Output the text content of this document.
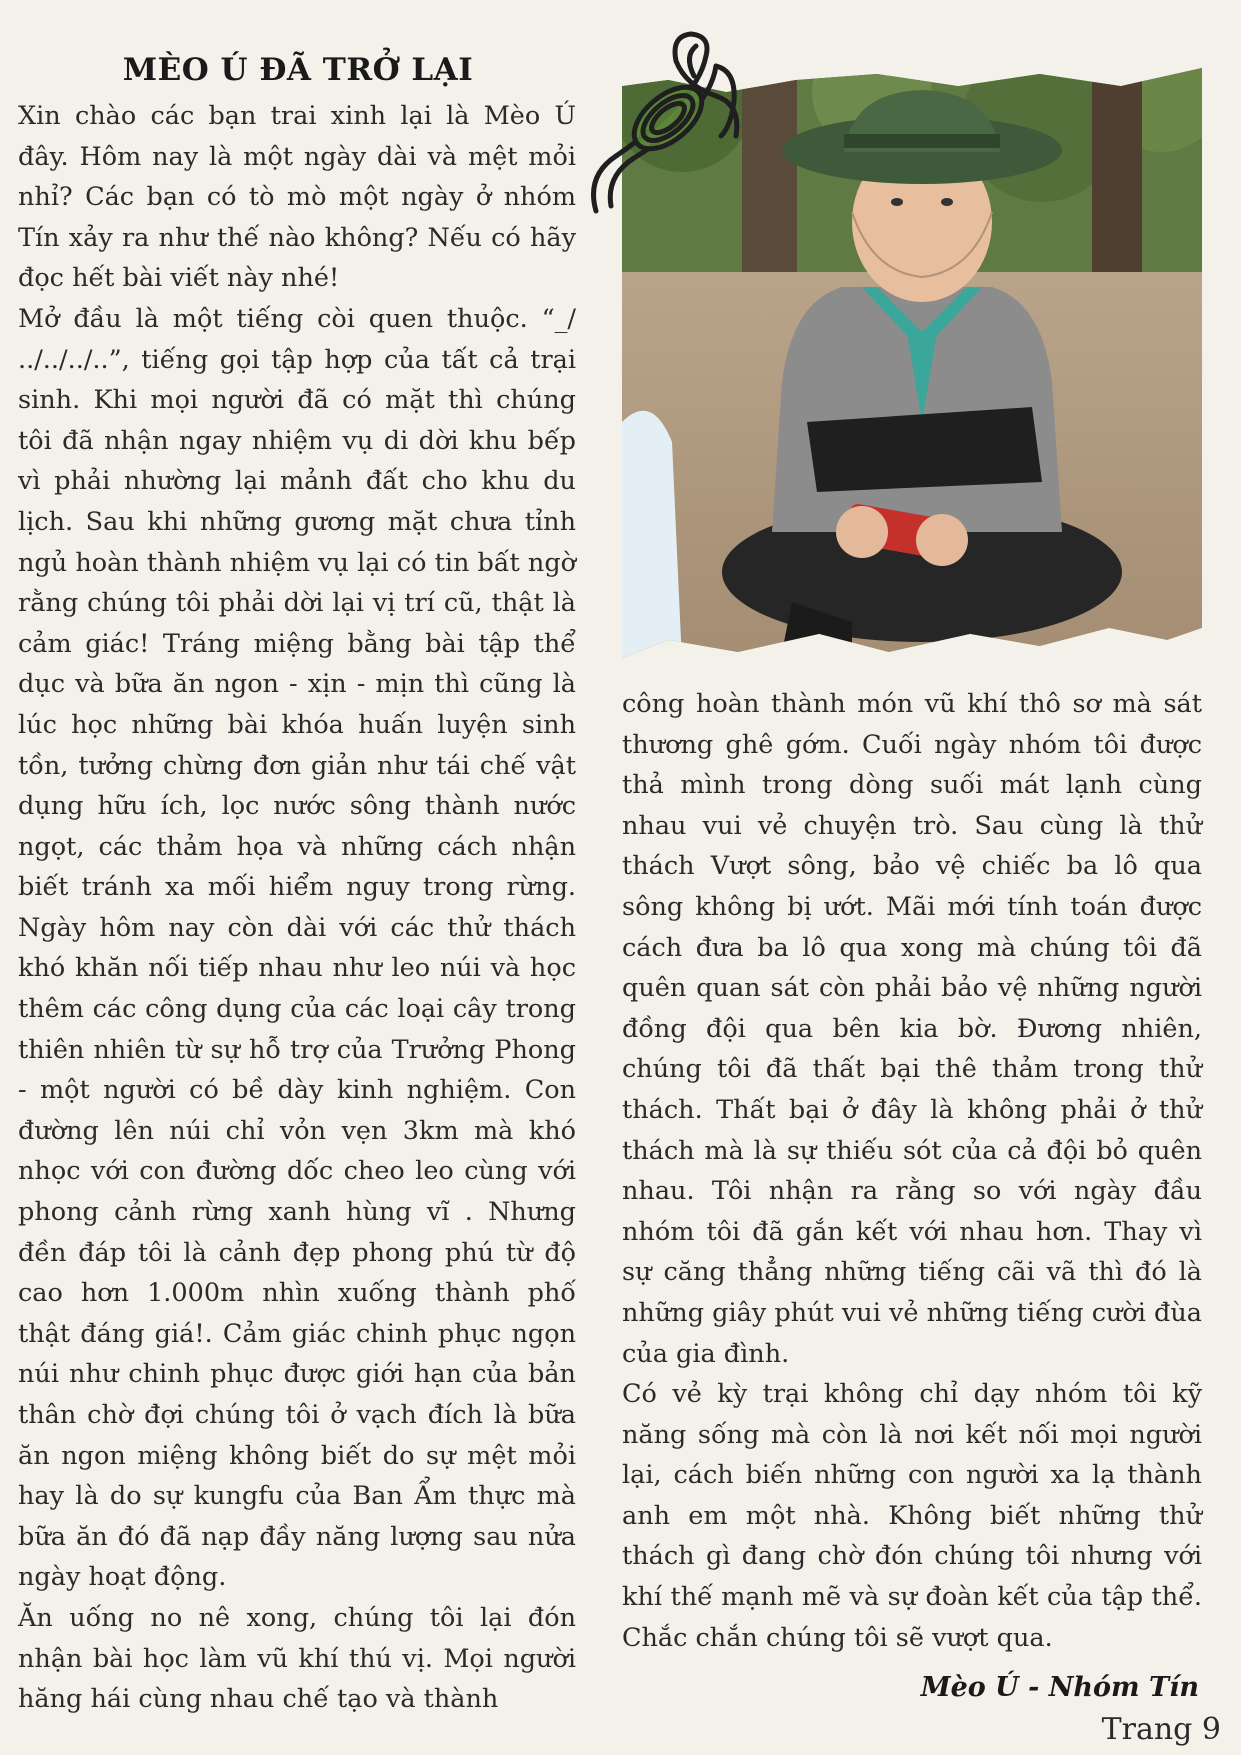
MÈO Ú ĐÃ TRỞ LẠI

Xin chào các bạn trai xinh lại là Mèo Ú đây. Hôm nay là một ngày dài và mệt mỏi nhỉ? Các bạn có tò mò một ngày ở nhóm Tín xảy ra như thế nào không? Nếu có hãy đọc hết bài viết này nhé!

Mở đầu là một tiếng còi quen thuộc. “_/ ../../../..”, tiếng gọi tập hợp của tất cả trại sinh. Khi mọi người đã có mặt thì chúng tôi đã nhận ngay nhiệm vụ di dời khu bếp vì phải nhường lại mảnh đất cho khu du lịch. Sau khi những gương mặt chưa tỉnh ngủ hoàn thành nhiệm vụ lại có tin bất ngờ rằng chúng tôi phải dời lại vị trí cũ, thật là cảm giác! Tráng miệng bằng bài tập thể dục và bữa ăn ngon - xịn - mịn thì cũng là lúc học những bài khóa huấn luyện sinh tồn, tưởng chừng đơn giản như tái chế vật dụng hữu ích, lọc nước sông thành nước ngọt, các thảm họa và những cách nhận biết tránh xa mối hiểm nguy trong rừng. Ngày hôm nay còn dài với các thử thách khó khăn nối tiếp nhau như leo núi và học thêm các công dụng của các loại cây trong thiên nhiên từ sự hỗ trợ của Trưởng Phong - một người có bề dày kinh nghiệm. Con đường lên núi chỉ vỏn vẹn 3km mà khó nhọc với con đường dốc cheo leo cùng với phong cảnh rừng xanh hùng vĩ . Nhưng đền đáp tôi là cảnh đẹp phong phú từ độ cao hơn 1.000m nhìn xuống thành phố thật đáng giá!. Cảm giác chinh phục ngọn núi như chinh phục được giới hạn của bản thân chờ đợi chúng tôi ở vạch đích là bữa ăn ngon miệng không biết do sự mệt mỏi hay là do sự kungfu của Ban Ẩm thực mà bữa ăn đó đã nạp đầy năng lượng sau nửa ngày hoạt động.

Ăn uống no nê xong, chúng tôi lại đón nhận bài học làm vũ khí thú vị. Mọi người hăng hái cùng nhau chế tạo và thành

công hoàn thành món vũ khí thô sơ mà sát thương ghê gớm. Cuối ngày nhóm tôi được thả mình trong dòng suối mát lạnh cùng nhau vui vẻ chuyện trò. Sau cùng là thử thách Vượt sông, bảo vệ chiếc ba lô qua sông không bị ướt. Mãi mới tính toán được cách đưa ba lô qua xong mà chúng tôi đã quên quan sát còn phải bảo vệ những người đồng đội qua bên kia bờ. Đương nhiên, chúng tôi đã thất bại thê thảm trong thử thách. Thất bại ở đây là không phải ở thử thách mà là sự thiếu sót của cả đội bỏ quên nhau. Tôi nhận ra rằng so với ngày đầu nhóm tôi đã gắn kết với nhau hơn. Thay vì sự căng thẳng những tiếng cãi vã thì đó là những giây phút vui vẻ những tiếng cười đùa của gia đình.

Có vẻ kỳ trại không chỉ dạy nhóm tôi kỹ năng sống mà còn là nơi kết nối mọi người lại, cách biến những con người xa lạ thành anh em một nhà. Không biết những thử thách gì đang chờ đón chúng tôi nhưng với khí thế mạnh mẽ và sự đoàn kết của tập thể. Chắc chắn chúng tôi sẽ vượt qua.

Mèo Ú - Nhóm Tín

Trang 9
